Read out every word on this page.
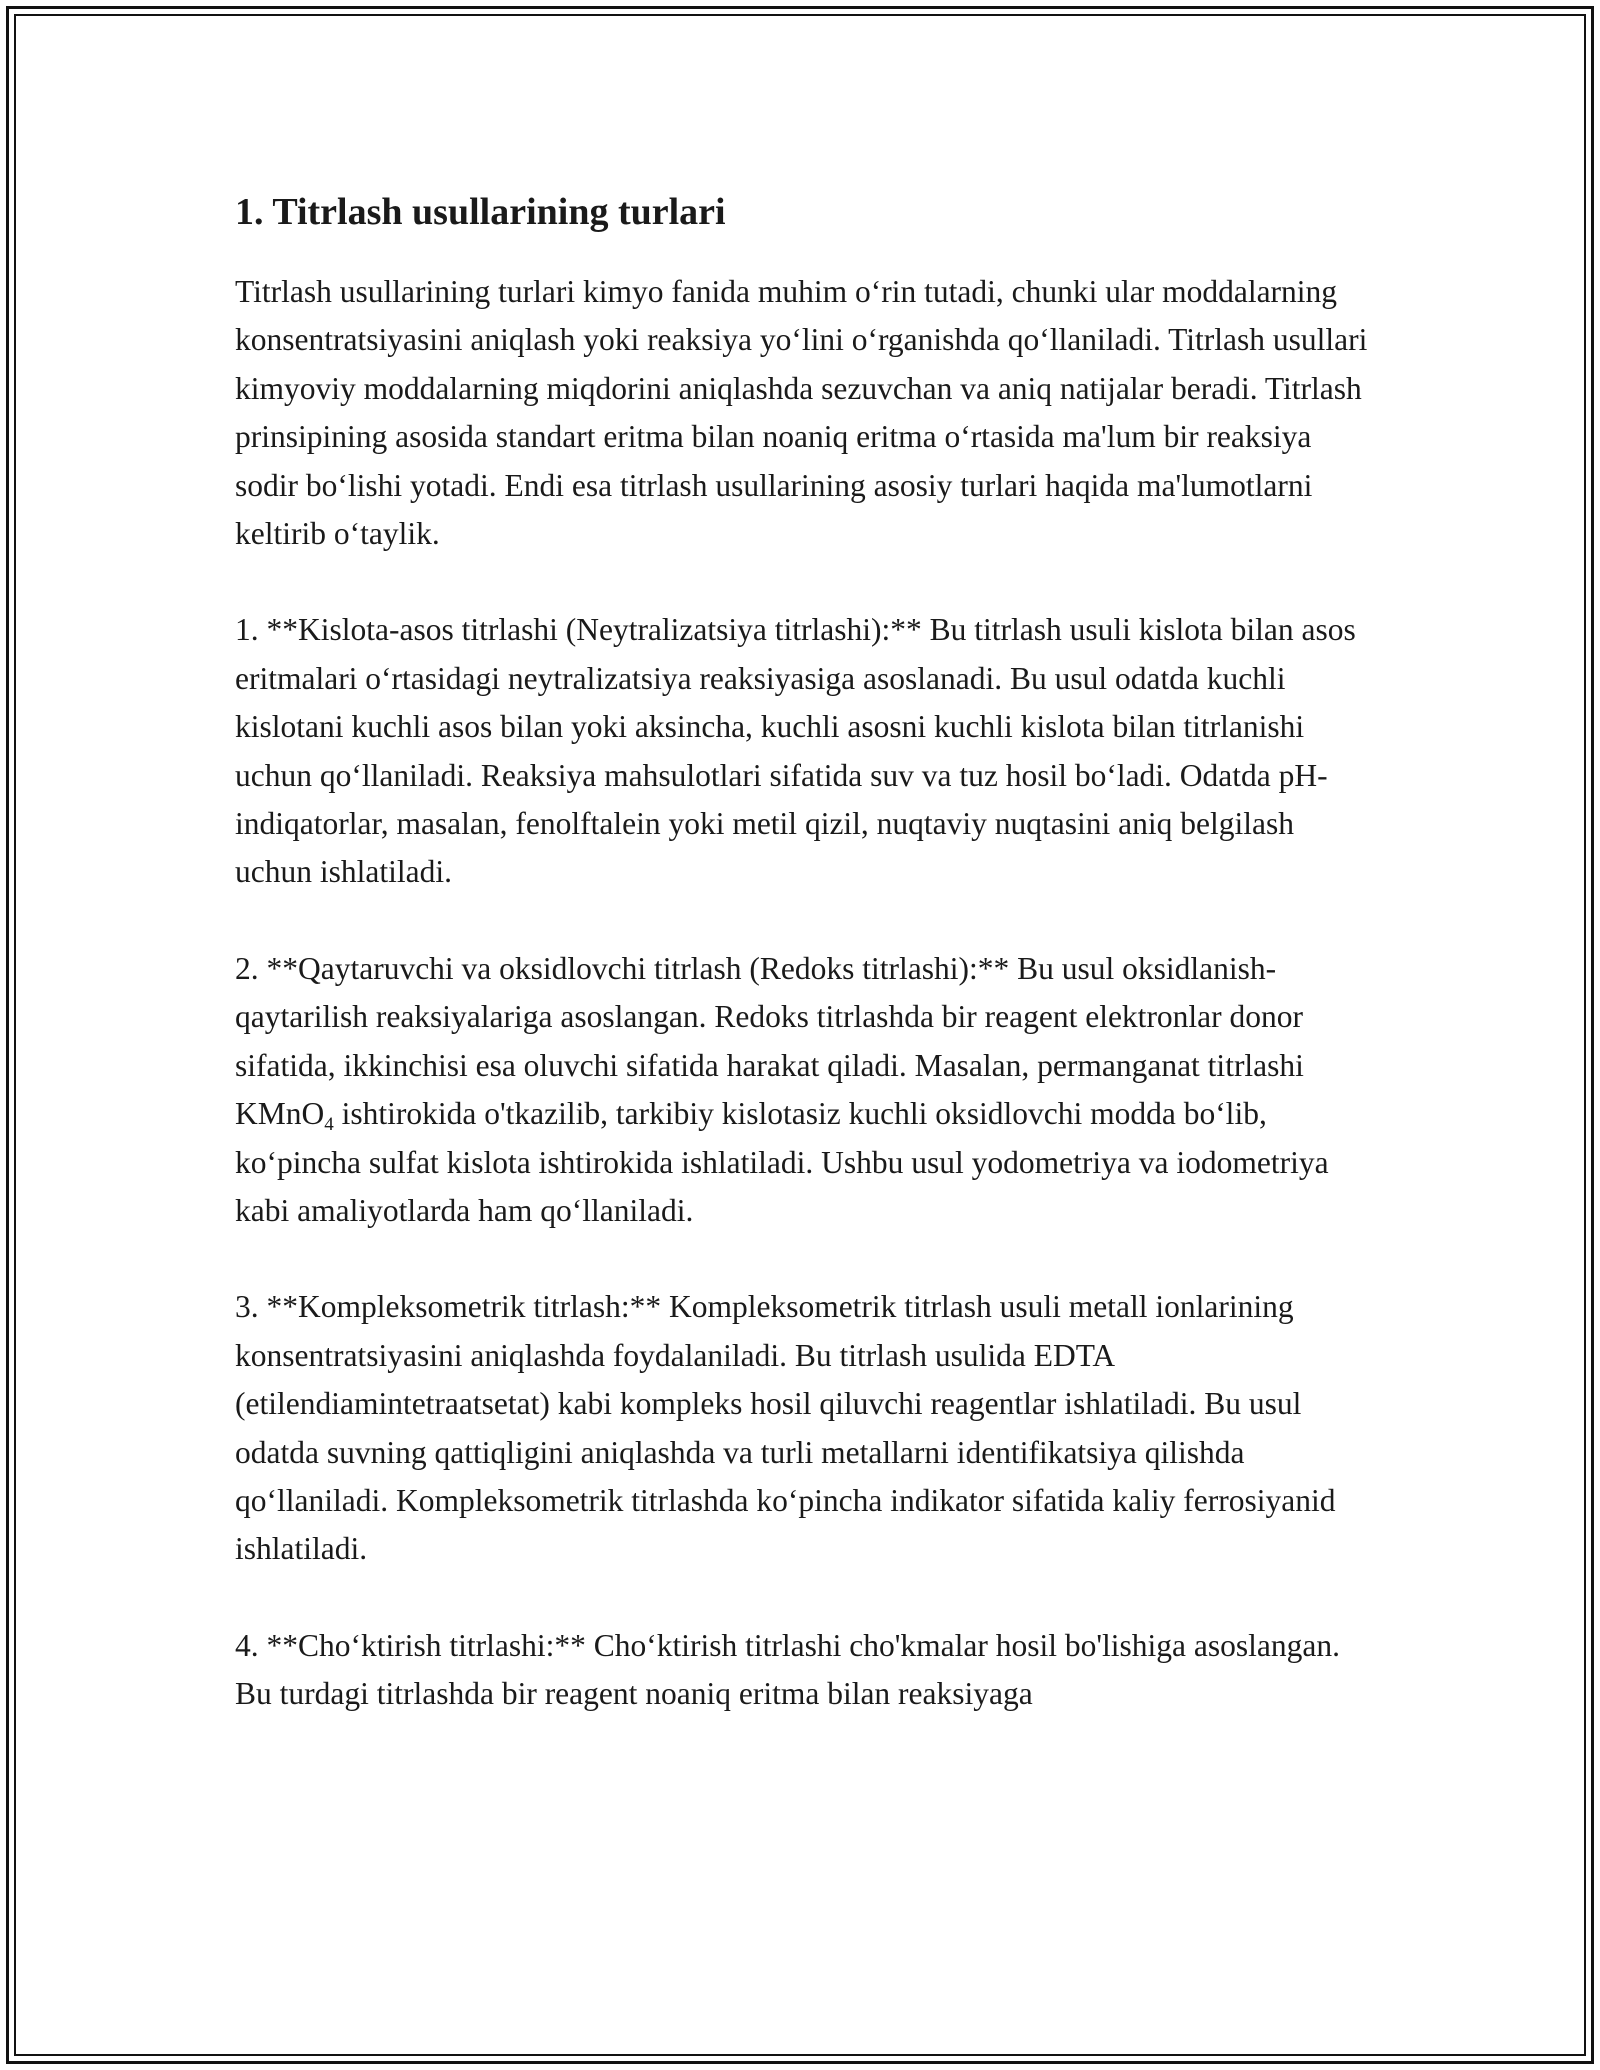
1. Titrlash usullarining turlari

Titrlash usullarining turlari kimyo fanida muhim o‘rin tutadi, chunki ular moddalarning konsentratsiyasini aniqlash yoki reaksiya yo‘lini o‘rganishda qo‘llaniladi. Titrlash usullari kimyoviy moddalarning miqdorini aniqlashda sezuvchan va aniq natijalar beradi. Titrlash prinsipining asosida standart eritma bilan noaniq eritma o‘rtasida ma'lum bir reaksiya sodir bo‘lishi yotadi. Endi esa titrlash usullarining asosiy turlari haqida ma'lumotlarni keltirib o‘taylik.

1. **Kislota-asos titrlashi (Neytralizatsiya titrlashi):** Bu titrlash usuli kislota bilan asos eritmalari o‘rtasidagi neytralizatsiya reaksiyasiga asoslanadi. Bu usul odatda kuchli kislotani kuchli asos bilan yoki aksincha, kuchli asosni kuchli kislota bilan titrlanishi uchun qo‘llaniladi. Reaksiya mahsulotlari sifatida suv va tuz hosil bo‘ladi. Odatda pH-indiqatorlar, masalan, fenolftalein yoki metil qizil, nuqtaviy nuqtasini aniq belgilash uchun ishlatiladi.

2. **Qaytaruvchi va oksidlovchi titrlash (Redoks titrlashi):** Bu usul oksidlanish-qaytarilish reaksiyalariga asoslangan. Redoks titrlashda bir reagent elektronlar donor sifatida, ikkinchisi esa oluvchi sifatida harakat qiladi. Masalan, permanganat titrlashi KMnO$_4$ ishtirokida o'tkazilib, tarkibiy kislotasiz kuchli oksidlovchi modda bo‘lib, ko‘pincha sulfat kislota ishtirokida ishlatiladi. Ushbu usul yodometriya va iodometriya kabi amaliyotlarda ham qo‘llaniladi.

3. **Kompleksometrik titrlash:** Kompleksometrik titrlash usuli metall ionlarining konsentratsiyasini aniqlashda foydalaniladi. Bu titrlash usulida EDTA (etilendiamintetraatsetat) kabi kompleks hosil qiluvchi reagentlar ishlatiladi. Bu usul odatda suvning qattiqligini aniqlashda va turli metallarni identifikatsiya qilishda qo‘llaniladi. Kompleksometrik titrlashda ko‘pincha indikator sifatida kaliy ferrosiyanid ishlatiladi.

4. **Cho‘ktirish titrlashi:** Cho‘ktirish titrlashi cho'kmalar hosil bo'lishiga asoslangan. Bu turdagi titrlashda bir reagent noaniq eritma bilan reaksiyaga
